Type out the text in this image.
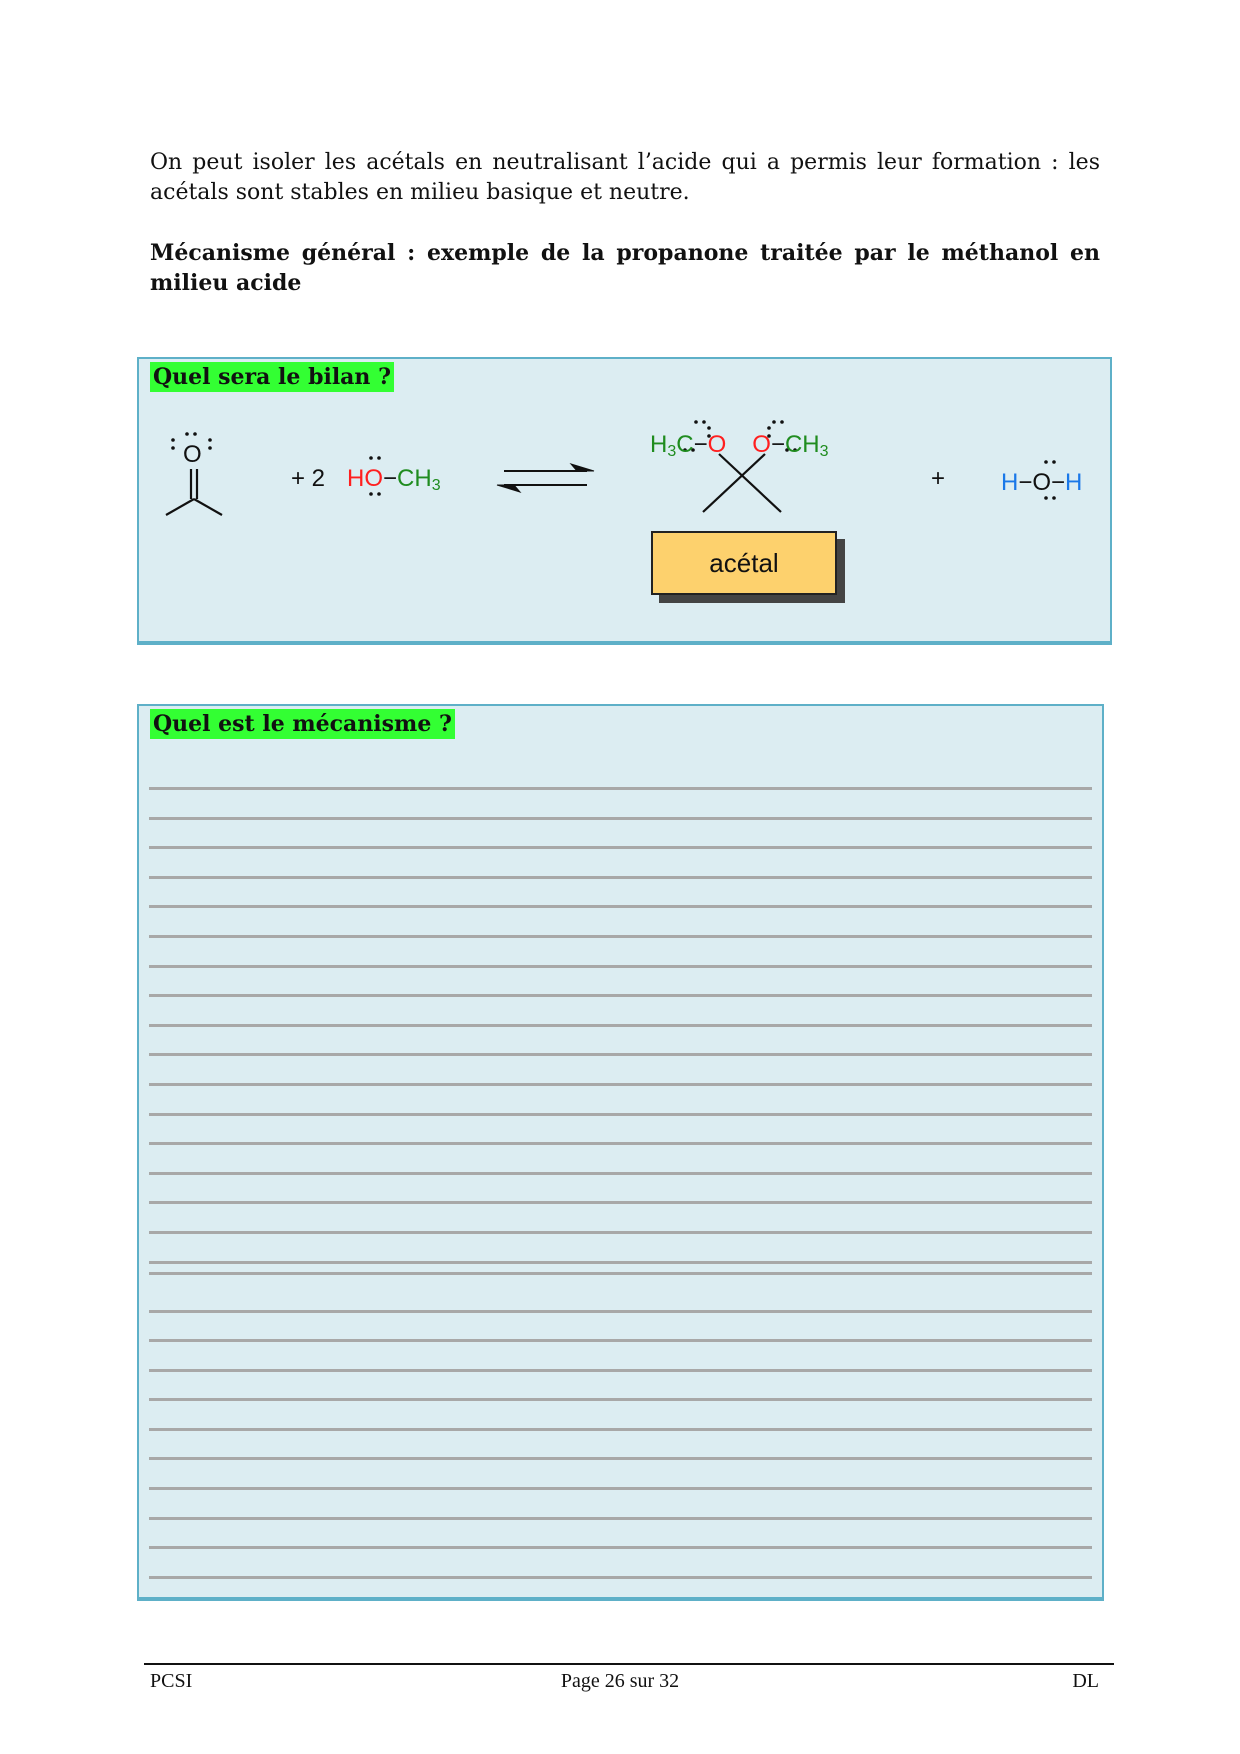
On peut isoler les acétals en neutralisant l’acide qui a permis leur formation : les acétals sont stables en milieu basique et neutre.
Mécanisme général : exemple de la propanone traitée par le méthanol en milieu acide
Quel sera le bilan ?
O
+ 2 $HO-CH_3$
$H_3C-O$ $O-CH_3$
+ H−O−H
acétal
Quel est le mécanisme ?
PCSI	Page 26 sur 32	DL
